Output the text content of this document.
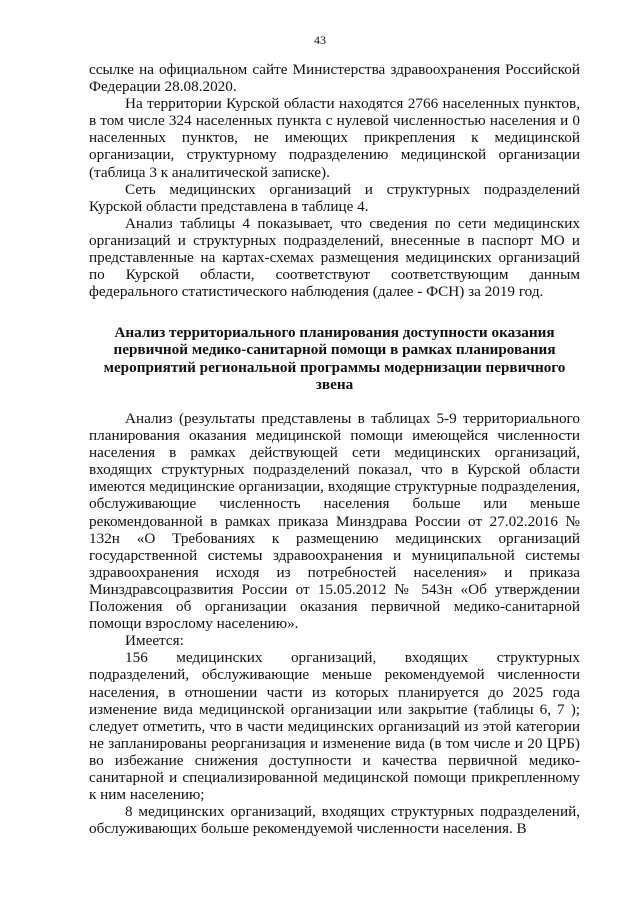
43

ссылке на официальном сайте Министерства здравоохранения Российской Федерации 28.08.2020.

На территории Курской области находятся 2766 населенных пунктов, в том числе 324 населенных пункта с нулевой численностью населения и 0 населенных пунктов, не имеющих прикрепления к медицинской организации, структурному подразделению медицинской организации (таблица 3 к аналитической записке).

Сеть медицинских организаций и структурных подразделений Курской области представлена в таблице 4.

Анализ таблицы 4 показывает, что сведения по сети медицинских организаций и структурных подразделений, внесенные в паспорт МО и представленные на картах-схемах размещения медицинских организаций по Курской области, соответствуют соответствующим данным федерального статистического наблюдения (далее - ФСН) за 2019 год.

Анализ территориального планирования доступности оказания первичной медико-санитарной помощи в рамках планирования мероприятий региональной программы модернизации первичного звена

Анализ (результаты представлены в таблицах 5-9 территориального планирования оказания медицинской помощи имеющейся численности населения в рамках действующей сети медицинских организаций, входящих структурных подразделений показал, что в Курской области имеются медицинские организации, входящие структурные подразделения, обслуживающие численность населения больше или меньше рекомендованной в рамках приказа Минздрава России от 27.02.2016 № 132н «О Требованиях к размещению медицинских организаций государственной системы здравоохранения и муниципальной системы здравоохранения исходя из потребностей населения» и приказа Минздравсоцразвития России от 15.05.2012 № 543н «Об утверждении Положения об организации оказания первичной медико-санитарной помощи взрослому населению».

Имеется:

156 медицинских организаций, входящих структурных подразделений, обслуживающие меньше рекомендуемой численности населения, в отношении части из которых планируется до 2025 года изменение вида медицинской организации или закрытие (таблицы 6, 7 ); следует отметить, что в части медицинских организаций из этой категории не запланированы реорганизация и изменение вида (в том числе и 20 ЦРБ) во избежание снижения доступности и качества первичной медико-санитарной и специализированной медицинской помощи прикрепленному к ним населению;

8 медицинских организаций, входящих структурных подразделений, обслуживающих больше рекомендуемой численности населения. В
